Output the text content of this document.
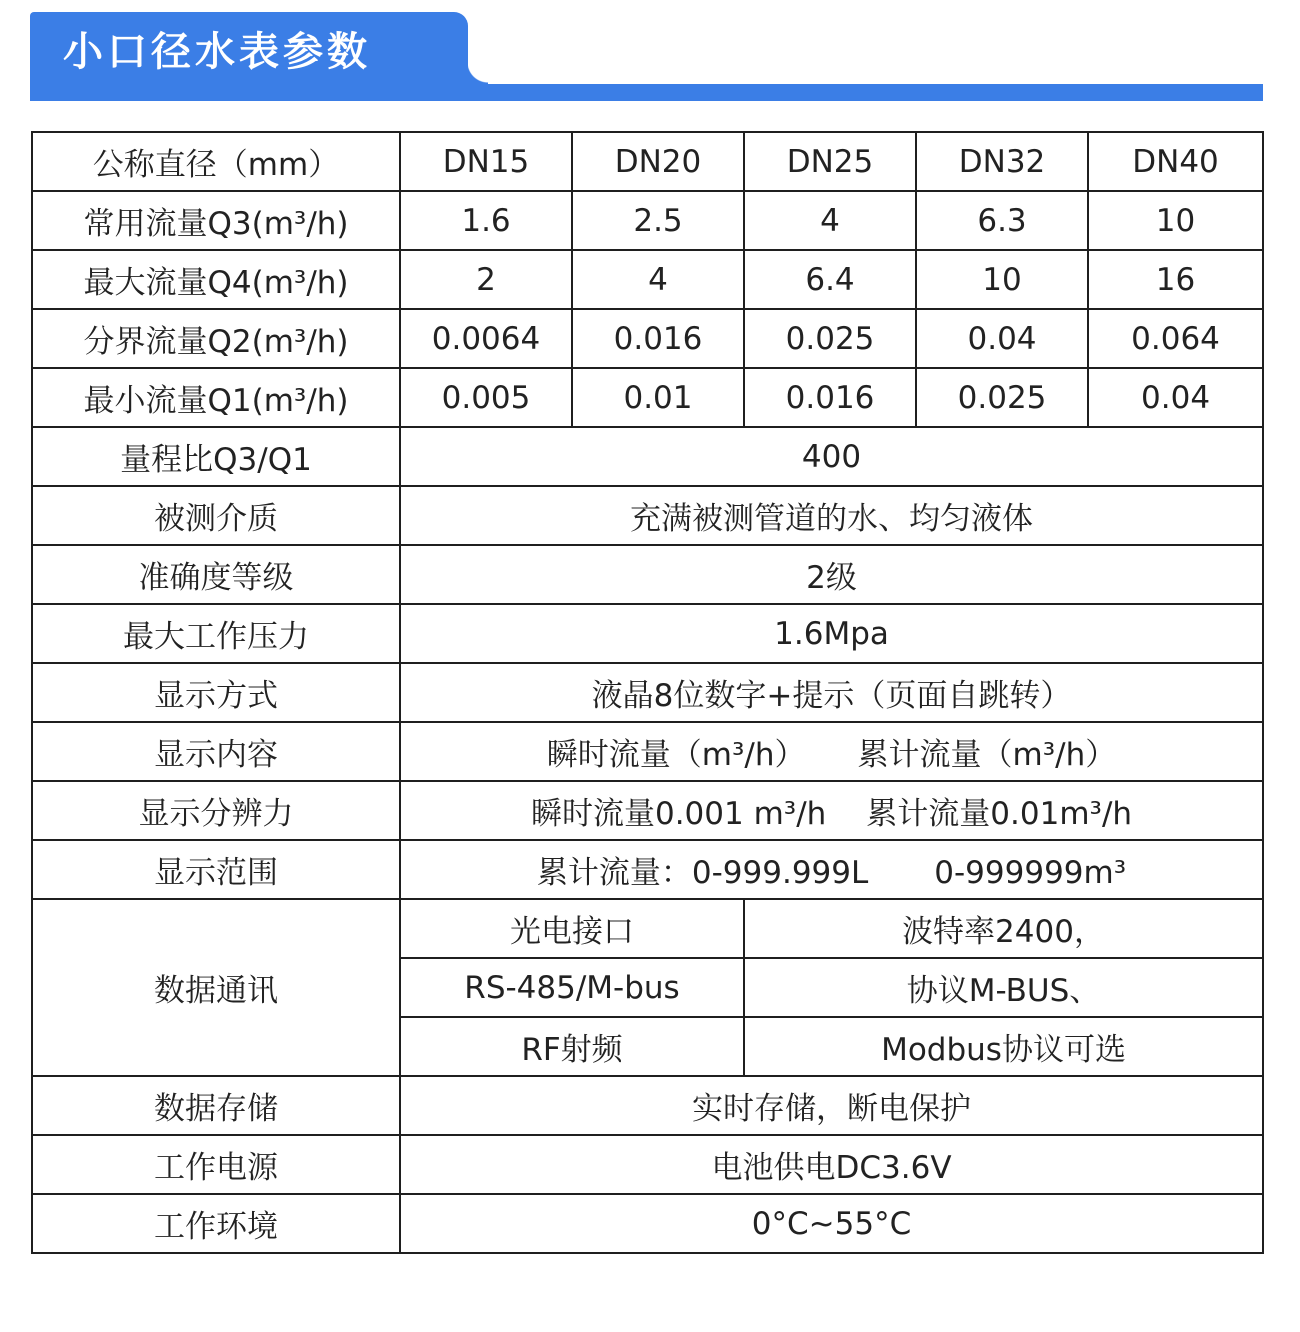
小口径水表参数
公称直径（mm）	DN15	DN20	DN25	DN32	DN40
常用流量Q3(m³/h)	1.6	2.5	4	6.3	10
最大流量Q4(m³/h)	2	4	6.4	10	16
分界流量Q2(m³/h)	0.0064	0.016	0.025	0.04	0.064
最小流量Q1(m³/h)	0.005	0.01	0.016	0.025	0.04
量程比Q3/Q1	400				
被测介质	充满被测管道的水、均匀液体				
准确度等级	2级				
最大工作压力	1.6Mpa				
显示方式	液晶8位数字+提示（页面自跳转）				
显示内容	瞬时流量（m³/h） 累计流量（m³/h）				
显示分辨力	瞬时流量0.001 m³/h 累计流量0.01m³/h				
显示范围	累计流量：0-999.999L 0-999999m³				
数据通讯	光电接口		波特率2400，		
	RS-485/M-bus		协议M-BUS、		
	RF射频		Modbus协议可选		
数据存储	实时存储，断电保护				
工作电源	电池供电DC3.6V				
工作环境	0°C~55°C				
